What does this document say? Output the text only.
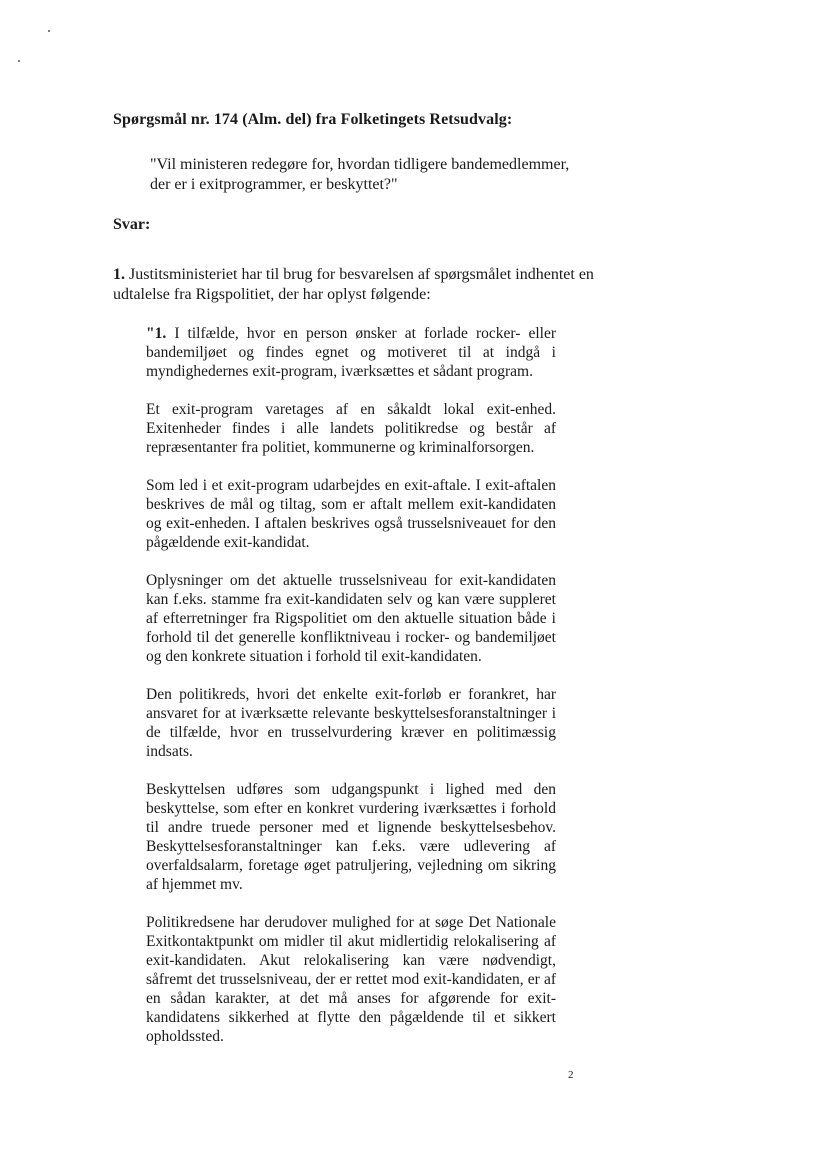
Spørgsmål nr. 174 (Alm. del) fra Folketingets Retsudvalg:
"Vil ministeren redegøre for, hvordan tidligere bandemedlemmer, der er i exitprogrammer, er beskyttet?"
Svar:
1. Justitsministeriet har til brug for besvarelsen af spørgsmålet indhentet en udtalelse fra Rigspolitiet, der har oplyst følgende:

"1. I tilfælde, hvor en person ønsker at forlade rocker- eller bandemiljøet og findes egnet og motiveret til at indgå i myndighedernes exit-program, iværksættes et sådant program.

Et exit-program varetages af en såkaldt lokal exit-enhed. Exitenheder findes i alle landets politikredse og består af repræsentanter fra politiet, kommunerne og kriminalforsorgen.

Som led i et exit-program udarbejdes en exit-aftale. I exit-aftalen beskrives de mål og tiltag, som er aftalt mellem exit-kandidaten og exit-enheden. I aftalen beskrives også trusselsniveauet for den pågældende exit-kandidat.

Oplysninger om det aktuelle trusselsniveau for exit-kandidaten kan f.eks. stamme fra exit-kandidaten selv og kan være suppleret af efterretninger fra Rigspolitiet om den aktuelle situation både i forhold til det generelle konfliktniveau i rocker- og bandemiljøet og den konkrete situation i forhold til exit-kandidaten.

Den politikreds, hvori det enkelte exit-forløb er forankret, har ansvaret for at iværksætte relevante beskyttelsesforanstaltninger i de tilfælde, hvor en trusselvurdering kræver en politimæssig indsats.

Beskyttelsen udføres som udgangspunkt i lighed med den beskyttelse, som efter en konkret vurdering iværksættes i forhold til andre truede personer med et lignende beskyttelsesbehov. Beskyttelsesforanstaltninger kan f.eks. være udlevering af overfaldsalarm, foretage øget patruljering, vejledning om sikring af hjemmet mv.

Politikredsene har derudover mulighed for at søge Det Nationale Exitkontaktpunkt om midler til akut midlertidig relokalisering af exit-kandidaten. Akut relokalisering kan være nødvendigt, såfremt det trusselsniveau, der er rettet mod exit-kandidaten, er af en sådan karakter, at det må anses for afgørende for exit-kandidatens sikkerhed at flytte den pågældende til et sikkert opholdssted.

2
